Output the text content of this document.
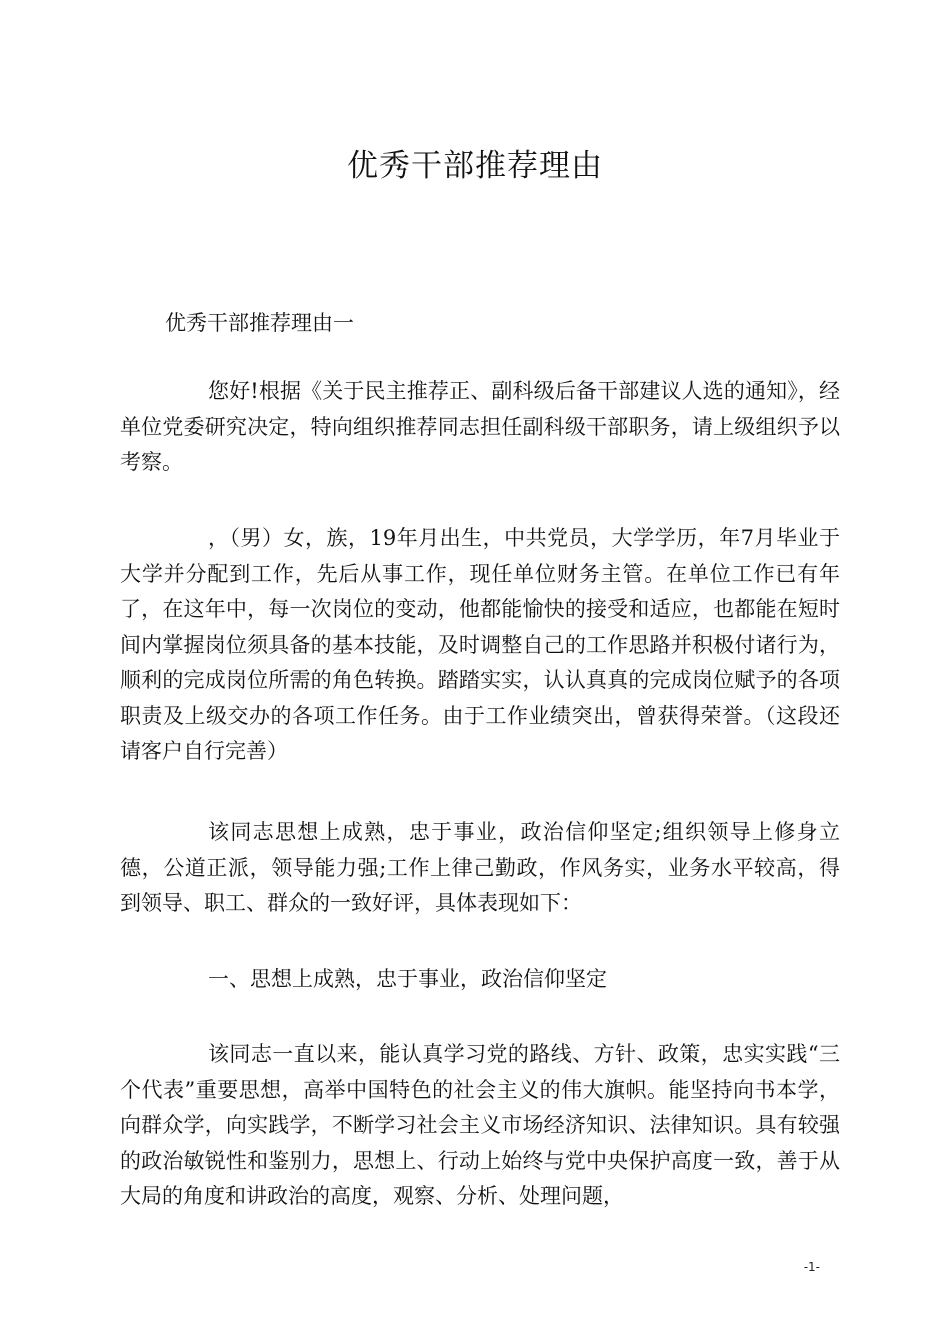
优秀干部推荐理由

优秀干部推荐理由一

您好!根据《关于民主推荐正、副科级后备干部建议人选的通知》，经单位党委研究决定，特向组织推荐同志担任副科级干部职务，请上级组织予以考察。

，（男）女，族，19年月出生，中共党员，大学学历，年7月毕业于大学并分配到工作，先后从事工作，现任单位财务主管。在单位工作已有年了，在这年中，每一次岗位的变动，他都能愉快的接受和适应，也都能在短时间内掌握岗位须具备的基本技能，及时调整自己的工作思路并积极付诸行为，顺利的完成岗位所需的角色转换。踏踏实实，认认真真的完成岗位赋予的各项职责及上级交办的各项工作任务。由于工作业绩突出，曾获得荣誉。（这段还请客户自行完善）

该同志思想上成熟，忠于事业，政治信仰坚定;组织领导上修身立德，公道正派，领导能力强;工作上律己勤政，作风务实，业务水平较高，得到领导、职工、群众的一致好评，具体表现如下：

一、思想上成熟，忠于事业，政治信仰坚定

该同志一直以来，能认真学习党的路线、方针、政策，忠实实践“三个代表”重要思想，高举中国特色的社会主义的伟大旗帜。能坚持向书本学，向群众学，向实践学，不断学习社会主义市场经济知识、法律知识。具有较强的政治敏锐性和鉴别力，思想上、行动上始终与党中央保护高度一致，善于从大局的角度和讲政治的高度，观察、分析、处理问题，

-1-
